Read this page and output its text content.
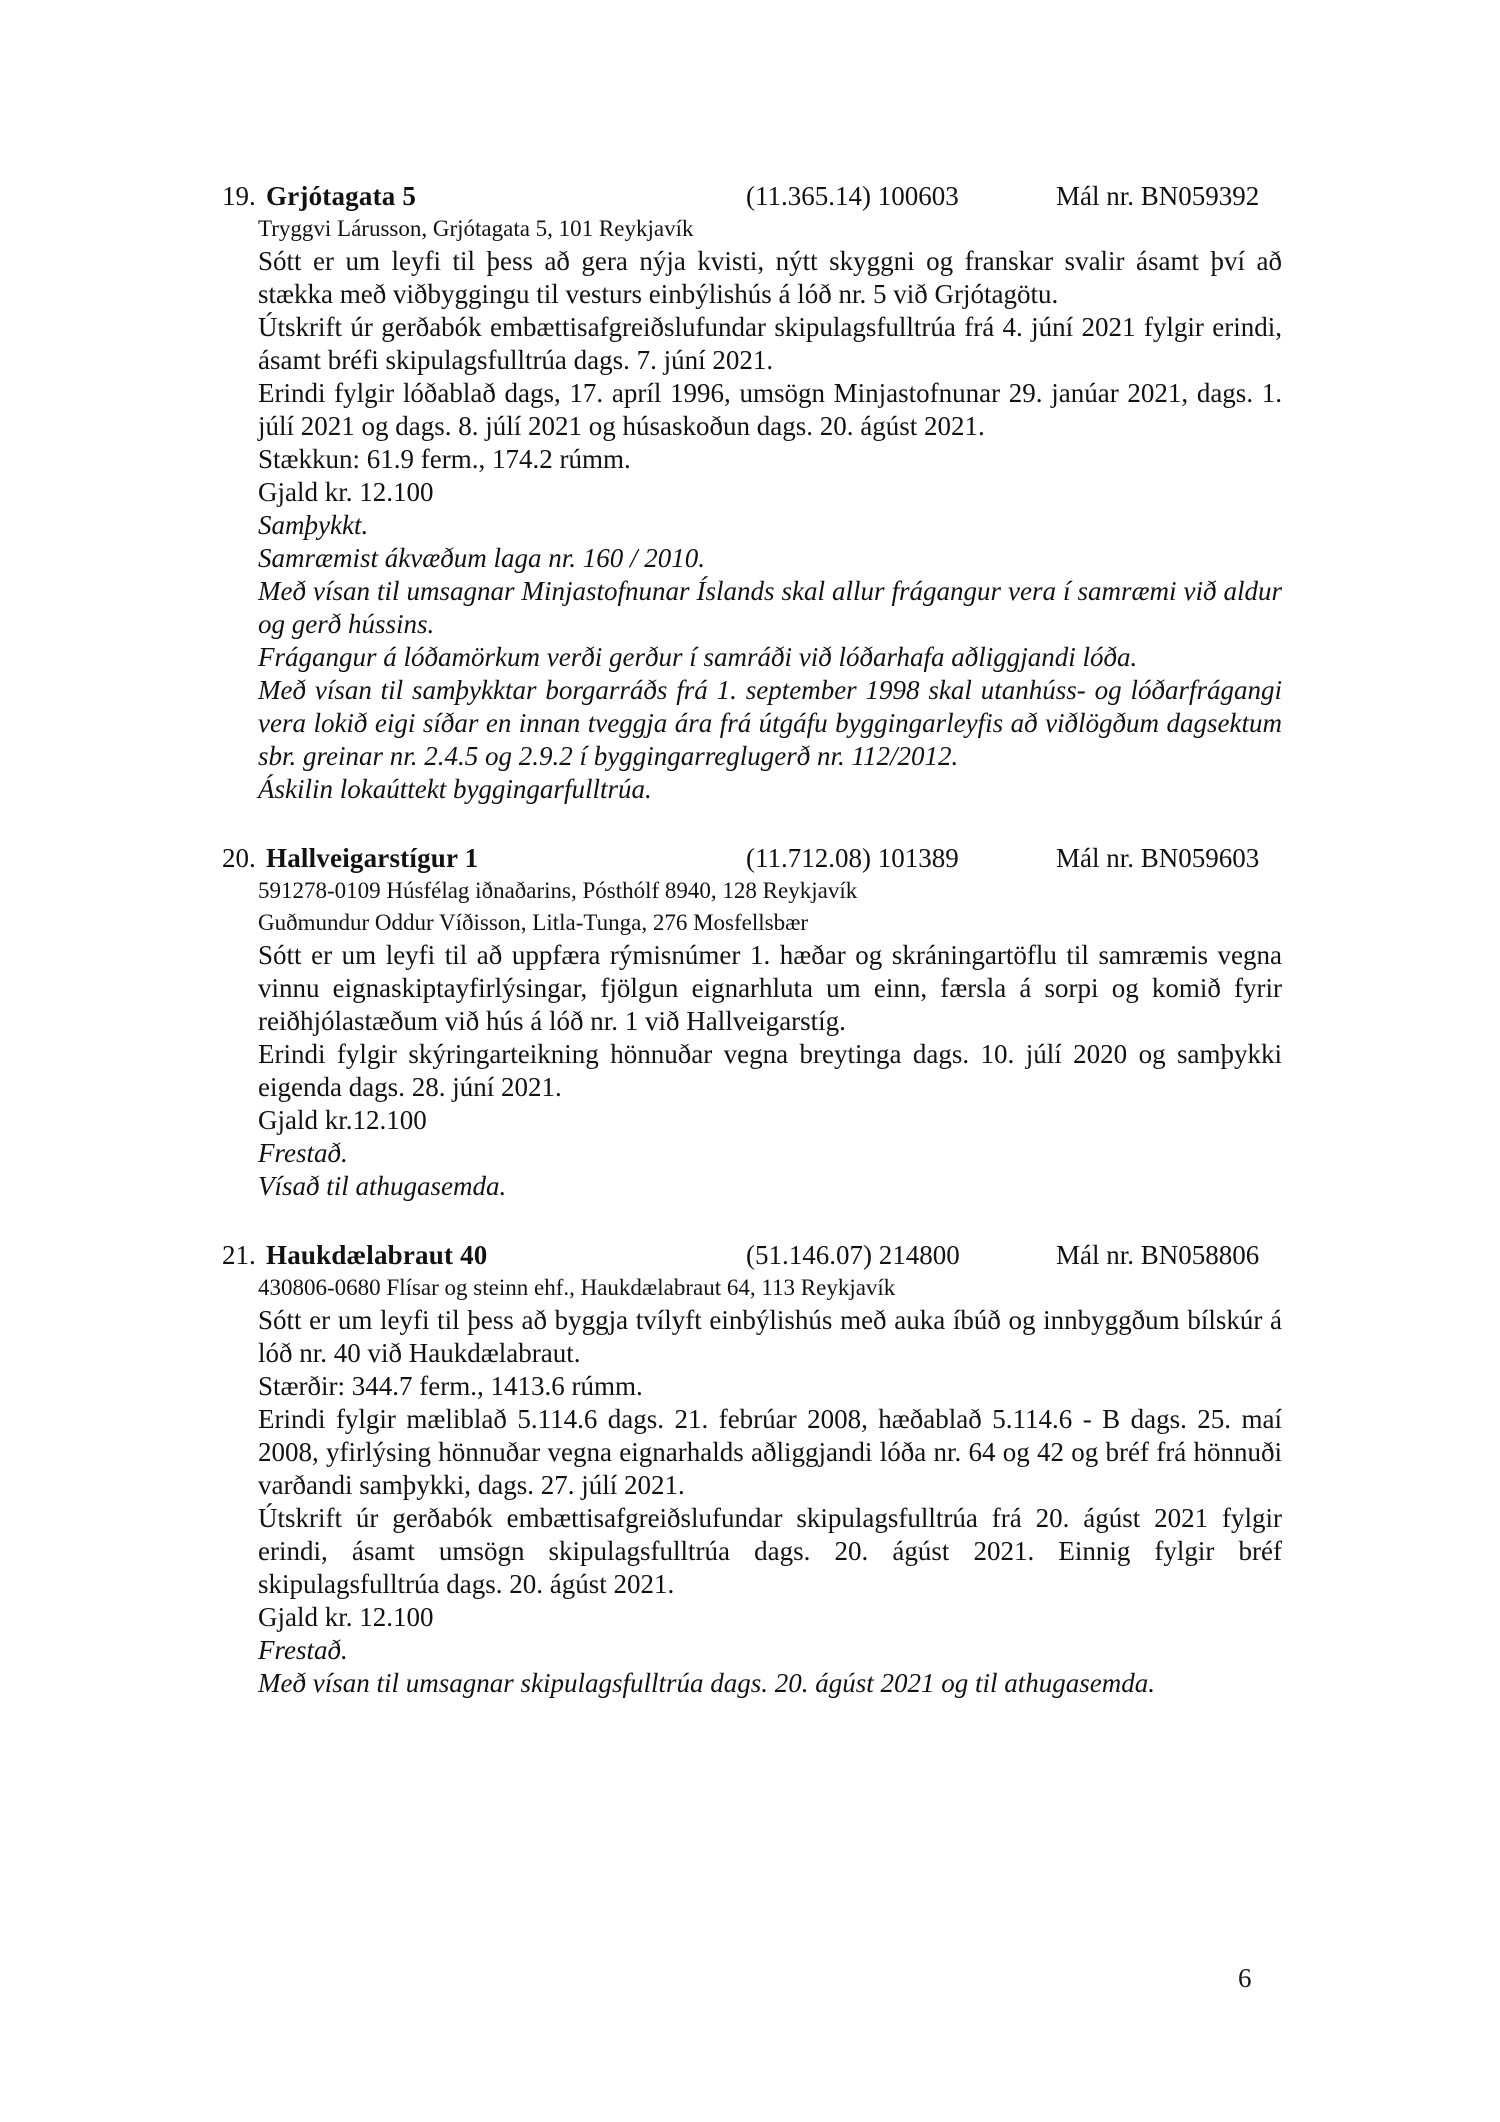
19. Grjótagata 5	(11.365.14) 100603	Mál nr. BN059392

Tryggvi Lárusson, Grjótagata 5, 101 Reykjavík

Sótt er um leyfi til þess að gera nýja kvisti, nýtt skyggni og franskar svalir ásamt því að stækka með viðbyggingu til vesturs einbýlishús á lóð nr. 5 við Grjótagötu.

Útskrift úr gerðabók embættisafgreiðslufundar skipulagsfulltrúa frá 4. júní 2021 fylgir erindi, ásamt bréfi skipulagsfulltrúa dags. 7. júní 2021.

Erindi fylgir lóðablað dags, 17. apríl 1996, umsögn Minjastofnunar 29. janúar 2021, dags. 1. júlí 2021 og dags. 8. júlí 2021 og húsaskoðun dags. 20. ágúst 2021.

Stækkun: 61.9 ferm., 174.2 rúmm.

Gjald kr. 12.100

Samþykkt.

Samræmist ákvæðum laga nr. 160 / 2010.

Með vísan til umsagnar Minjastofnunar Íslands skal allur frágangur vera í samræmi við aldur og gerð hússins.

Frágangur á lóðamörkum verði gerður í samráði við lóðarhafa aðliggjandi lóða.

Með vísan til samþykktar borgarráðs frá 1. september 1998 skal utanhúss- og lóðarfrágangi vera lokið eigi síðar en innan tveggja ára frá útgáfu byggingarleyfis að viðlögðum dagsektum sbr. greinar nr. 2.4.5 og 2.9.2 í byggingarreglugerð nr. 112/2012.

Áskilin lokaúttekt byggingarfulltrúa.

20. Hallveigarstígur 1	(11.712.08) 101389	Mál nr. BN059603

591278-0109 Húsfélag iðnaðarins, Pósthólf 8940, 128 Reykjavík

Guðmundur Oddur Víðisson, Litla-Tunga, 276 Mosfellsbær

Sótt er um leyfi til að uppfæra rýmisnúmer 1. hæðar og skráningartöflu til samræmis vegna vinnu eignaskiptayfirlýsingar, fjölgun eignarhluta um einn, færsla á sorpi og komið fyrir reiðhjólastæðum við hús á lóð nr. 1 við Hallveigarstíg.

Erindi fylgir skýringarteikning hönnuðar vegna breytinga dags. 10. júlí 2020 og samþykki eigenda dags. 28. júní 2021.

Gjald kr.12.100

Frestað.

Vísað til athugasemda.

21. Haukdælabraut 40	(51.146.07) 214800	Mál nr. BN058806

430806-0680 Flísar og steinn ehf., Haukdælabraut 64, 113 Reykjavík

Sótt er um leyfi til þess að byggja tvílyft einbýlishús með auka íbúð og innbyggðum bílskúr á lóð nr. 40 við Haukdælabraut.

Stærðir: 344.7 ferm., 1413.6 rúmm.

Erindi fylgir mæliblað 5.114.6 dags. 21. febrúar 2008, hæðablað 5.114.6 - B dags. 25. maí 2008, yfirlýsing hönnuðar vegna eignarhalds aðliggjandi lóða nr. 64 og 42 og bréf frá hönnuði varðandi samþykki, dags. 27. júlí 2021.

Útskrift úr gerðabók embættisafgreiðslufundar skipulagsfulltrúa frá 20. ágúst 2021 fylgir erindi, ásamt umsögn skipulagsfulltrúa dags. 20. ágúst 2021. Einnig fylgir bréf skipulagsfulltrúa dags. 20. ágúst 2021.

Gjald kr. 12.100

Frestað.

Með vísan til umsagnar skipulagsfulltrúa dags. 20. ágúst 2021 og til athugasemda.

6
